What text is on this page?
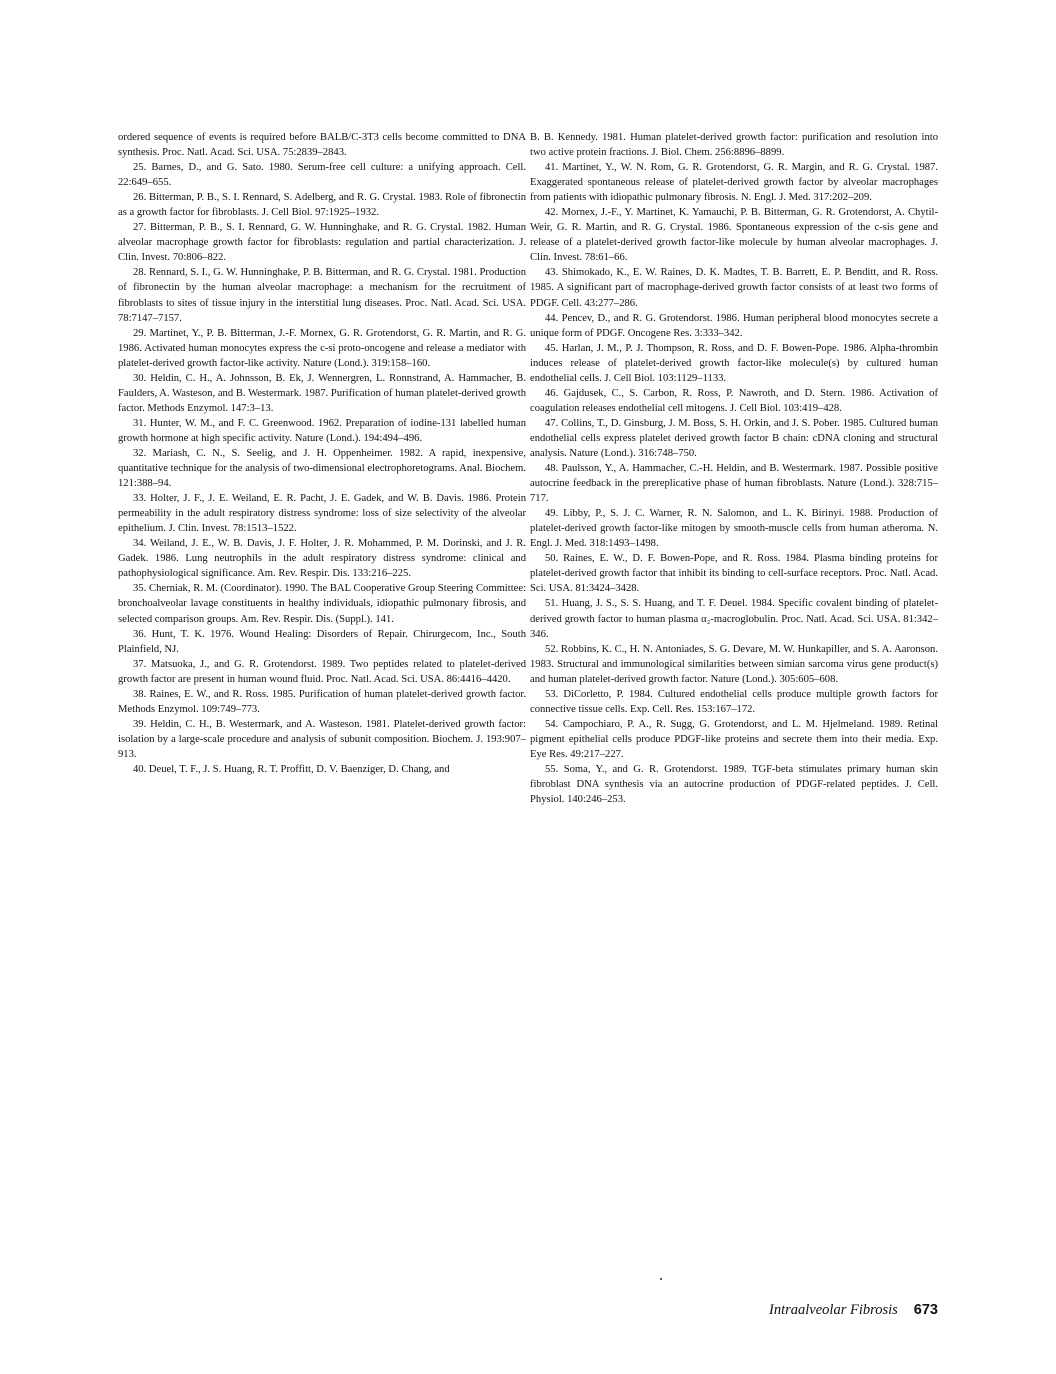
ordered sequence of events is required before BALB/C-3T3 cells become committed to DNA synthesis. Proc. Natl. Acad. Sci. USA. 75:2839–2843.

25. Barnes, D., and G. Sato. 1980. Serum-free cell culture: a unifying approach. Cell. 22:649–655.

26. Bitterman, P. B., S. I. Rennard, S. Adelberg, and R. G. Crystal. 1983. Role of fibronectin as a growth factor for fibroblasts. J. Cell Biol. 97:1925–1932.

27. Bitterman, P. B., S. I. Rennard, G. W. Hunninghake, and R. G. Crystal. 1982. Human alveolar macrophage growth factor for fibroblasts: regulation and partial characterization. J. Clin. Invest. 70:806–822.

28. Rennard, S. I., G. W. Hunninghake, P. B. Bitterman, and R. G. Crystal. 1981. Production of fibronectin by the human alveolar macrophage: a mechanism for the recruitment of fibroblasts to sites of tissue injury in the interstitial lung diseases. Proc. Natl. Acad. Sci. USA. 78:7147–7157.

29. Martinet, Y., P. B. Bitterman, J.-F. Mornex, G. R. Grotendorst, G. R. Martin, and R. G. 1986. Activated human monocytes express the c-si proto-oncogene and release a mediator with platelet-derived growth factor-like activity. Nature (Lond.). 319:158–160.

30. Heldin, C. H., A. Johnsson, B. Ek, J. Wennergren, L. Ronnstrand, A. Hammacher, B. Faulders, A. Wasteson, and B. Westermark. 1987. Purification of human platelet-derived growth factor. Methods Enzymol. 147:3–13.

31. Hunter, W. M., and F. C. Greenwood. 1962. Preparation of iodine-131 labelled human growth hormone at high specific activity. Nature (Lond.). 194:494–496.

32. Mariash, C. N., S. Seelig, and J. H. Oppenheimer. 1982. A rapid, inexpensive, quantitative technique for the analysis of two-dimensional electrophoretograms. Anal. Biochem. 121:388–94.

33. Holter, J. F., J. E. Weiland, E. R. Pacht, J. E. Gadek, and W. B. Davis. 1986. Protein permeability in the adult respiratory distress syndrome: loss of size selectivity of the alveolar epithelium. J. Clin. Invest. 78:1513–1522.

34. Weiland, J. E., W. B. Davis, J. F. Holter, J. R. Mohammed, P. M. Dorinski, and J. R. Gadek. 1986. Lung neutrophils in the adult respiratory distress syndrome: clinical and pathophysiological significance. Am. Rev. Respir. Dis. 133:216–225.

35. Cherniak, R. M. (Coordinator). 1990. The BAL Cooperative Group Steering Committee: bronchoalveolar lavage constituents in healthy individuals, idiopathic pulmonary fibrosis, and selected comparison groups. Am. Rev. Respir. Dis. (Suppl.). 141.

36. Hunt, T. K. 1976. Wound Healing: Disorders of Repair. Chirurgecom, Inc., South Plainfield, NJ.

37. Matsuoka, J., and G. R. Grotendorst. 1989. Two peptides related to platelet-derived growth factor are present in human wound fluid. Proc. Natl. Acad. Sci. USA. 86:4416–4420.

38. Raines, E. W., and R. Ross. 1985. Purification of human platelet-derived growth factor. Methods Enzymol. 109:749–773.

39. Heldin, C. H., B. Westermark, and A. Wasteson. 1981. Platelet-derived growth factor: isolation by a large-scale procedure and analysis of subunit composition. Biochem. J. 193:907–913.

40. Deuel, T. F., J. S. Huang, R. T. Proffitt, D. V. Baenziger, D. Chang, and

B. B. Kennedy. 1981. Human platelet-derived growth factor: purification and resolution into two active protein fractions. J. Biol. Chem. 256:8896–8899.

41. Martinet, Y., W. N. Rom, G. R. Grotendorst, G. R. Margin, and R. G. Crystal. 1987. Exaggerated spontaneous release of platelet-derived growth factor by alveolar macrophages from patients with idiopathic pulmonary fibrosis. N. Engl. J. Med. 317:202–209.

42. Mornex, J.-F., Y. Martinet, K. Yamauchi, P. B. Bitterman, G. R. Grotendorst, A. Chytil-Weir, G. R. Martin, and R. G. Crystal. 1986. Spontaneous expression of the c-sis gene and release of a platelet-derived growth factor-like molecule by human alveolar macrophages. J. Clin. Invest. 78:61–66.

43. Shimokado, K., E. W. Raines, D. K. Madtes, T. B. Barrett, E. P. Benditt, and R. Ross. 1985. A significant part of macrophage-derived growth factor consists of at least two forms of PDGF. Cell. 43:277–286.

44. Pencev, D., and R. G. Grotendorst. 1986. Human peripheral blood monocytes secrete a unique form of PDGF. Oncogene Res. 3:333–342.

45. Harlan, J. M., P. J. Thompson, R. Ross, and D. F. Bowen-Pope. 1986. Alpha-thrombin induces release of platelet-derived growth factor-like molecule(s) by cultured human endothelial cells. J. Cell Biol. 103:1129–1133.

46. Gajdusek, C., S. Carbon, R. Ross, P. Nawroth, and D. Stern. 1986. Activation of coagulation releases endothelial cell mitogens. J. Cell Biol. 103:419–428.

47. Collins, T., D. Ginsburg, J. M. Boss, S. H. Orkin, and J. S. Pober. 1985. Cultured human endothelial cells express platelet derived growth factor B chain: cDNA cloning and structural analysis. Nature (Lond.). 316:748–750.

48. Paulsson, Y., A. Hammacher, C.-H. Heldin, and B. Westermark. 1987. Possible positive autocrine feedback in the prereplicative phase of human fibroblasts. Nature (Lond.). 328:715–717.

49. Libby, P., S. J. C. Warner, R. N. Salomon, and L. K. Birinyi. 1988. Production of platelet-derived growth factor-like mitogen by smooth-muscle cells from human atheroma. N. Engl. J. Med. 318:1493–1498.

50. Raines, E. W., D. F. Bowen-Pope, and R. Ross. 1984. Plasma binding proteins for platelet-derived growth factor that inhibit its binding to cell-surface receptors. Proc. Natl. Acad. Sci. USA. 81:3424–3428.

51. Huang, J. S., S. S. Huang, and T. F. Deuel. 1984. Specific covalent binding of platelet-derived growth factor to human plasma α₂-macroglobulin. Proc. Natl. Acad. Sci. USA. 81:342–346.

52. Robbins, K. C., H. N. Antoniades, S. G. Devare, M. W. Hunkapiller, and S. A. Aaronson. 1983. Structural and immunological similarities between simian sarcoma virus gene product(s) and human platelet-derived growth factor. Nature (Lond.). 305:605–608.

53. DiCorletto, P. 1984. Cultured endothelial cells produce multiple growth factors for connective tissue cells. Exp. Cell. Res. 153:167–172.

54. Campochiaro, P. A., R. Sugg, G. Grotendorst, and L. M. Hjelmeland. 1989. Retinal pigment epithelial cells produce PDGF-like proteins and secrete them into their media. Exp. Eye Res. 49:217–227.

55. Soma, Y., and G. R. Grotendorst. 1989. TGF-beta stimulates primary human skin fibroblast DNA synthesis via an autocrine production of PDGF-related peptides. J. Cell. Physiol. 140:246–253.

Intraalveolar Fibrosis 673
